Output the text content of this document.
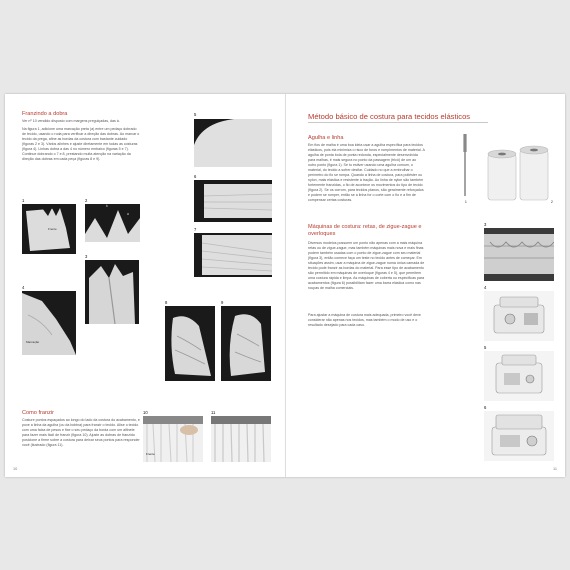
Franzindo a dobra
Ver nº 10 vendido disposto com margens preguiçadas, das à.
Na figura 1, adicione uma marcação preta (a) entre um pedaço dobrado de tecido, usando o roda para verificar a direção das dobras. Ao marcar o tecido da prega, afine as bordas da costura com bastante cuidado (figuras 2 e 3). Vários alinhes e ajuste diretamente em todas as costuras (figura 4). Linhas dobra a das 4 no número embaixo (figuras 5 e 7). Continue dobrando o 7 e 8, prestando muita atenção na variação da direção das dobras em cada peça (figuras 8 e 9).
1
Frente
2
b
a
3
4
Marcação
5
6
7
8	9
Como franzir
Costure pontos espaçados ao longo do lado da costura do acabamento, e puxe a linha da agulha (ou da bobina) para franzir o tecido. Alise o tecido com uma faixa de pesos e fixe o seu pedaço da borda com um alfinete para fazer mais fácil de franzir (figura 10). Ajuste as dobras de franzido posicione a firme sobre a costura para deixar seus pontos para responder você (ilustrado (figura 11).
10
Frente
11
10
Método básico de costura para tecidos elásticos
Agulha e linha
Em fios de malha é uma boa ideia usar a agulha específica para tecidos elásticos, pois ela minimiza o risco de furos e rompimentos de material. A agulha de ponta bola de ponta redonda, especialmente desenvolvida para malhas, é mais segura no ponto da passagem (tricô) de um ao outro ponto (figura 1). Se tu estiver usando uma agulha comum, o material, do tecido a sofrer desfiar. Cuidado no que a embrulhar o perímetro do fio se rompa. Quando a linha de costura, para poliéster ou nylon, mais elástica e resistente à tração. Ao linha de nylon são também fortemente franzidas, o fio de acontece os movimentos do tipo de tecido (figura 2). Se os corrom, para tecidos planos, são geralmente reforçados e podem se romper, então se a linha for o corte com o fio e a fim de compensar certas costuras.	1	2
Máquinas de costura: retas, de zigue-zague e overloques
Diversos modelos possuem um ponto não apenas com a mais máquina retas ou de zigue-zague, mas também máquinas mais nova e mais finas podem também usadas com o ponto de zigue-zague com seu material (figura 3), então comece faça um teste no tecido antes de começar. Em situações assim, usar a máquina de zigue-zague numa única camada de tecido pode franzir as bordas do material. Para esse tipo de acabamento são permitido em máquinas de overloque (figuras 4 e 5), que permitem uma costura rápida e limpa. As máquinas de coberta ou específicas para acabamentos (figura 6) possibilitam fazer uma barra elástica como nas roupas de malha comerciais.
Para ajustar a máquina de costura mais adequada, primeiro você deve considerar não apenas nos tecidos, mas também o modo de uso e o resultado desejado para cada caso.
3
4
5
6
11
